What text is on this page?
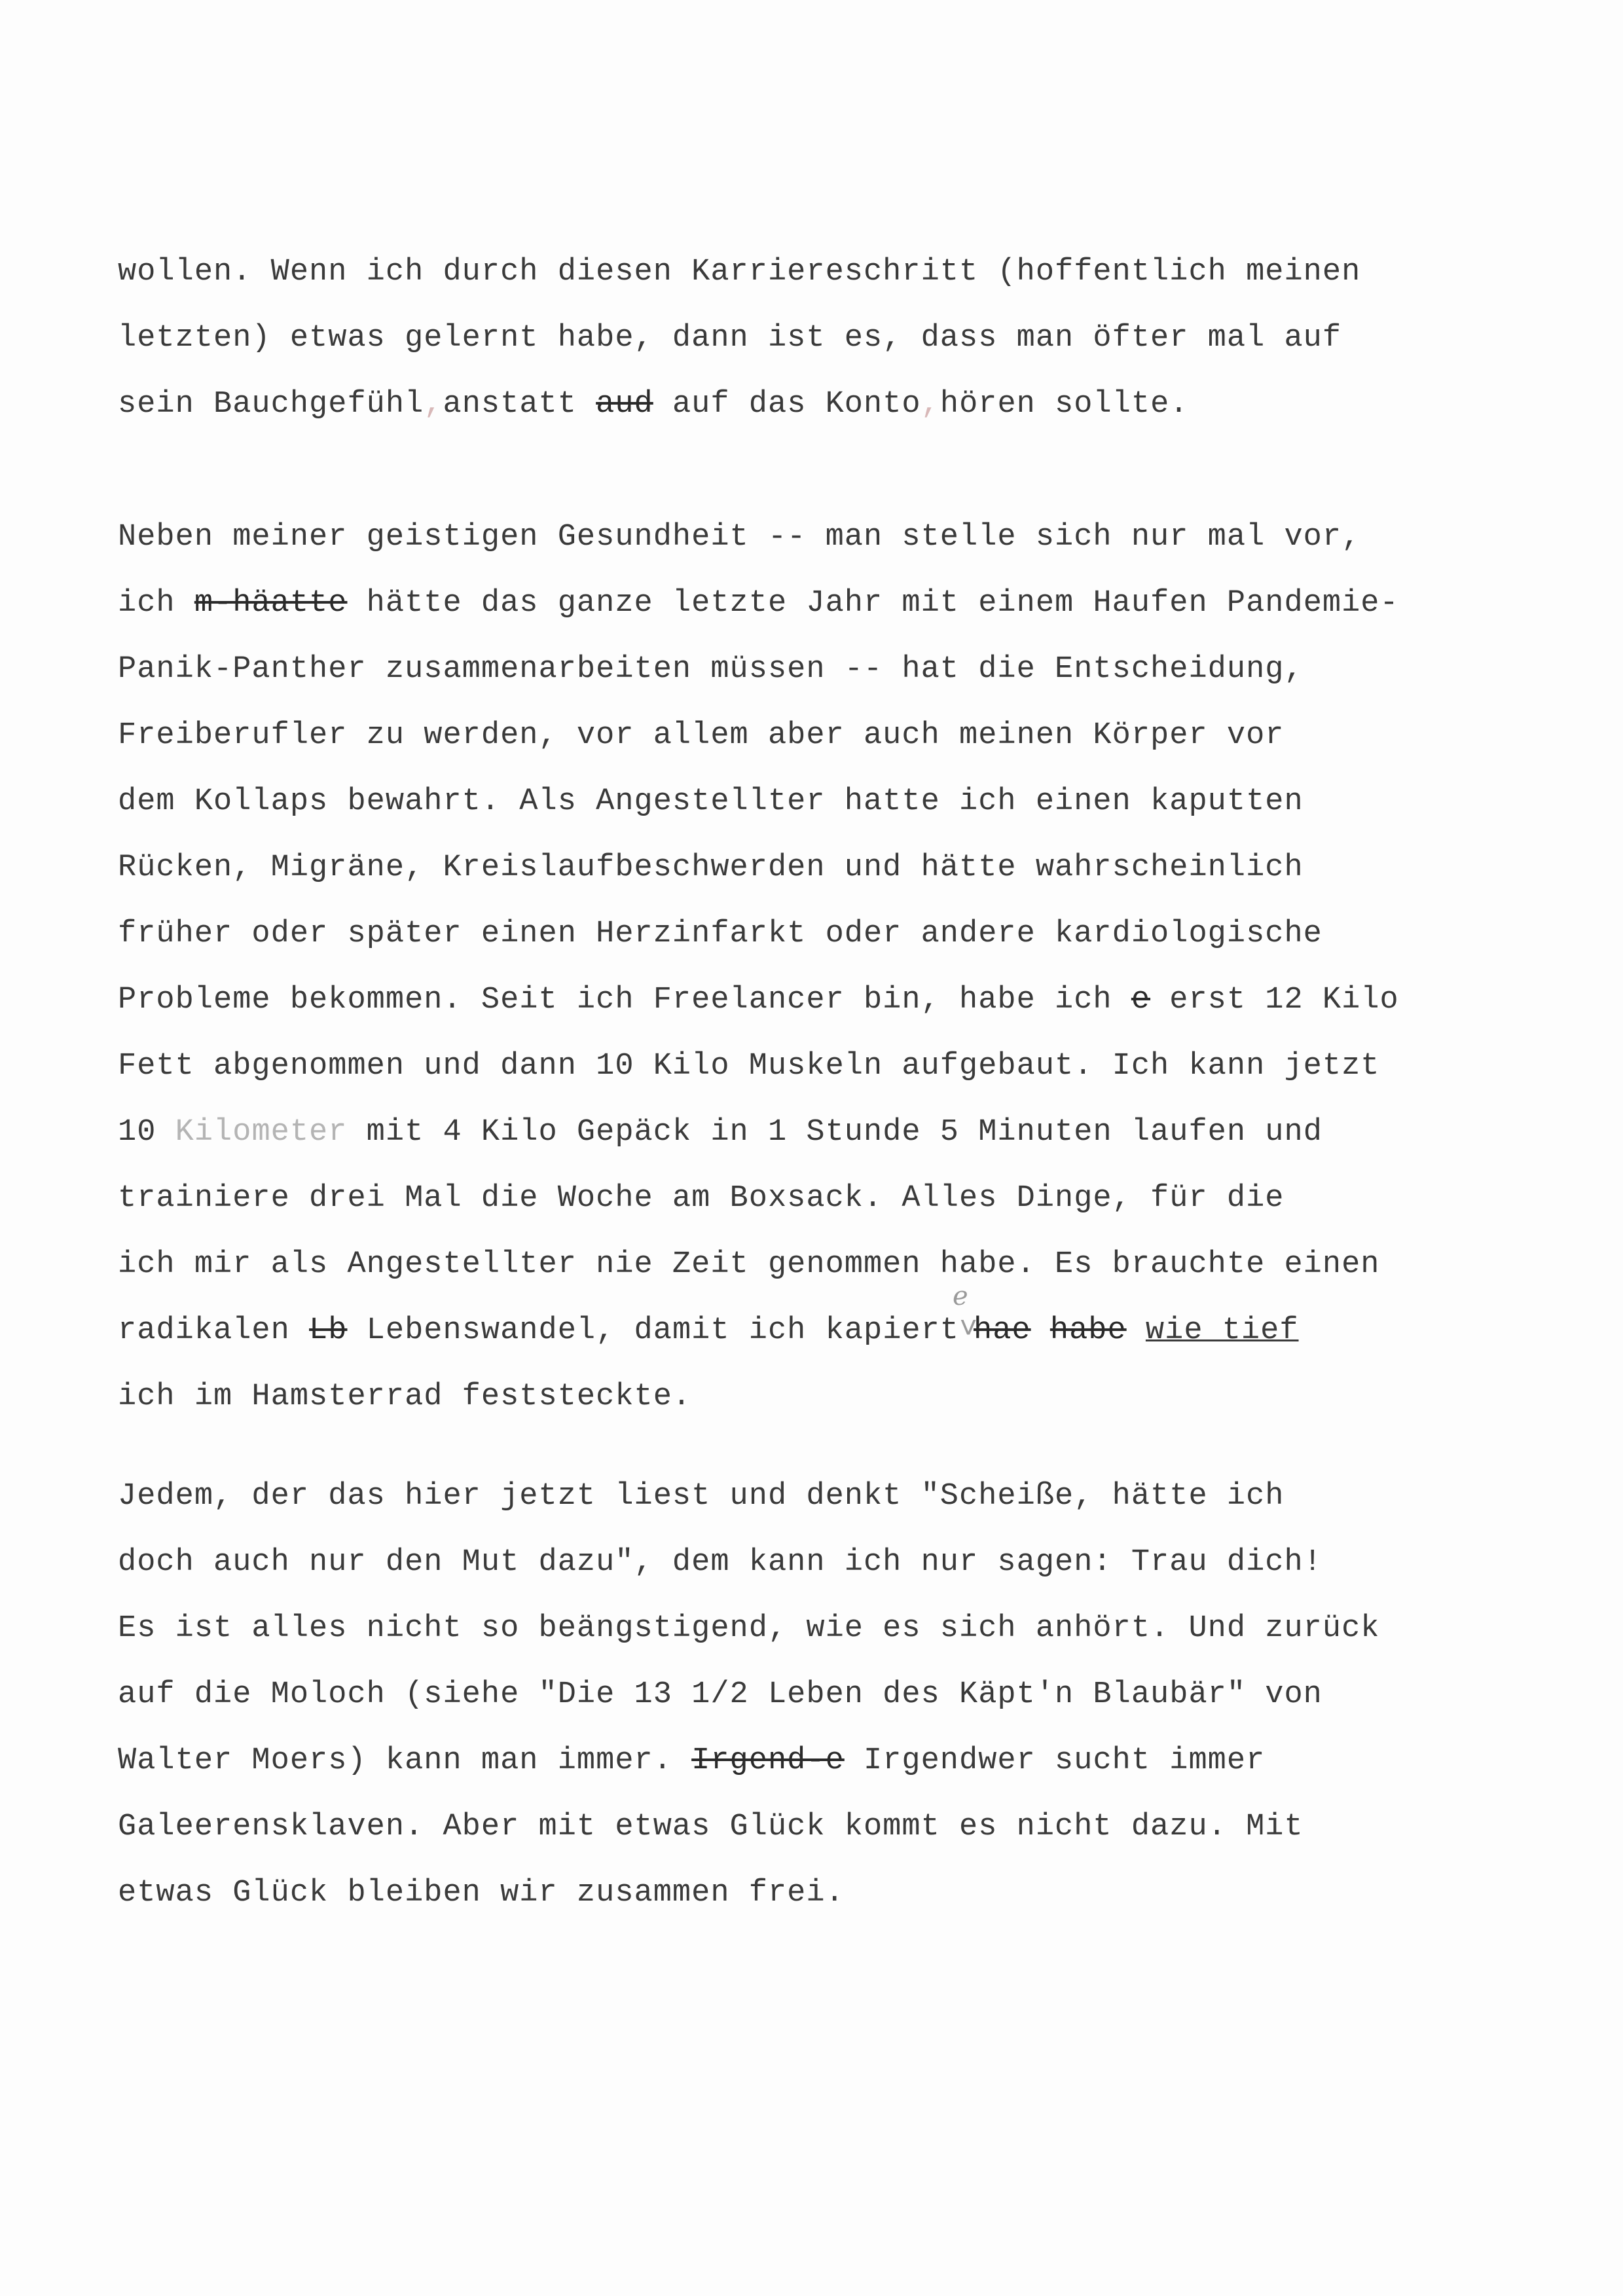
wollen. Wenn ich durch diesen Karriereschritt (hoffentlich meinen
letzten) etwas gelernt habe, dann ist es, dass man öfter mal auf
sein Bauchgefühl,anstatt aud auf das Konto,hören sollte.
Neben meiner geistigen Gesundheit -- man stelle sich nur mal vor,
ich m-häatte hätte das ganze letzte Jahr mit einem Haufen Pandemie-
Panik-Panther zusammenarbeiten müssen -- hat die Entscheidung,
Freiberufler zu werden, vor allem aber auch meinen Körper vor
dem Kollaps bewahrt. Als Angestellter hatte ich einen kaputten
Rücken, Migräne, Kreislaufbeschwerden und hätte wahrscheinlich
früher oder später einen Herzinfarkt oder andere kardiologische
Probleme bekommen. Seit ich Freelancer bin, habe ich e erst 12 Kilo
Fett abgenommen und dann 10 Kilo Muskeln aufgebaut. Ich kann jetzt
10 Kilometer mit 4 Kilo Gepäck in 1 Stunde 5 Minuten laufen und
trainiere drei Mal die Woche am Boxsack. Alles Dinge, für die
ich mir als Angestellter nie Zeit genommen habe. Es brauchte einen
radikalen Lb Lebenswandel, damit ich kapiert˅
e
hae habe wie tief
ich im Hamsterrad feststeckte.
Jedem, der das hier jetzt liest und denkt "Scheiße, hätte ich
doch auch nur den Mut dazu", dem kann ich nur sagen: Trau dich!
Es ist alles nicht so beängstigend, wie es sich anhört. Und zurück
auf die Moloch (siehe "Die 13 1/2 Leben des Käpt'n Blaubär" von
Walter Moers) kann man immer. Irgend-e Irgendwer sucht immer
Galeerensklaven. Aber mit etwas Glück kommt es nicht dazu. Mit
etwas Glück bleiben wir zusammen frei.
